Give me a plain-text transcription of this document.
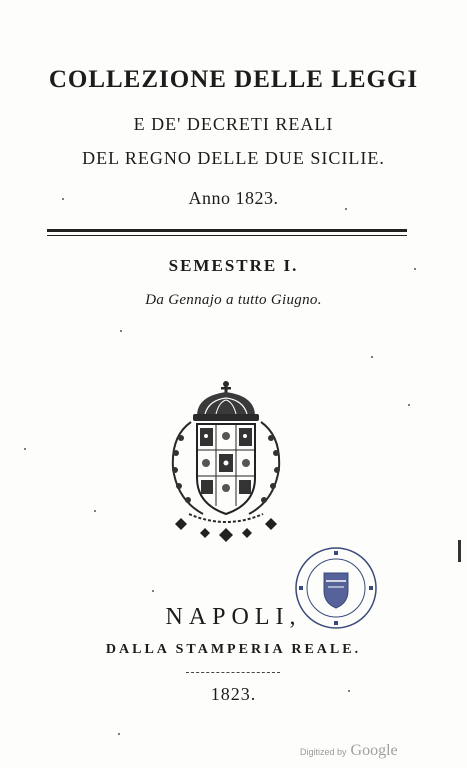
COLLEZIONE DELLE LEGGI
E DE' DECRETI REALI
DEL REGNO DELLE DUE SICILIE.
Anno 1823.
SEMESTRE I.
Da Gennajo a tutto Giugno.
NAPOLI,
DALLA STAMPERIA REALE.
1823.
Digitized by Google
